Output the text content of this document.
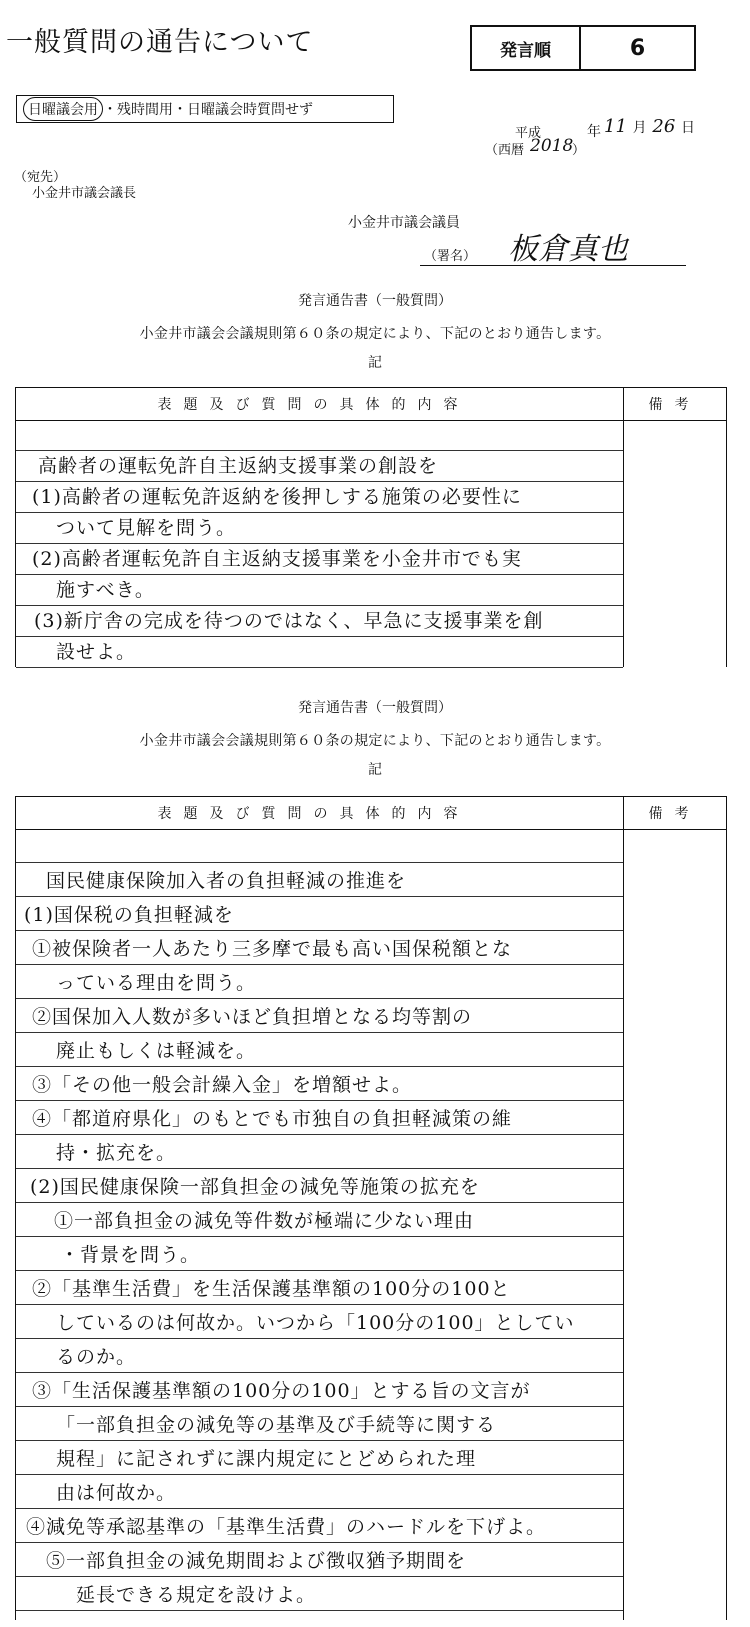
一般質問の通告について	発言順	6
日曜議会用 ・残時間用・日曜議会時質問せず
平成	年 11 月 26 日
（西暦 2018
）
（宛先）
小金井市議会議長
小金井市議会議員
（署名） 板倉真也
発言通告書（一般質問）
小金井市議会会議規則第６０条の規定により、下記のとおり通告します。
記
表題及び質問の具体的内容	備考
高齢者の運転免許自主返納支援事業の創設を
(1)高齢者の運転免許返納を後押しする施策の必要性に
ついて見解を問う。
(2)高齢者運転免許自主返納支援事業を小金井市でも実
施すべき。
(3)新庁舎の完成を待つのではなく、早急に支援事業を創
設せよ。
発言通告書（一般質問）
小金井市議会会議規則第６０条の規定により、下記のとおり通告します。
記
表題及び質問の具体的内容	備考
国民健康保険加入者の負担軽減の推進を
(1)国保税の負担軽減を
①被保険者一人あたり三多摩で最も高い国保税額とな
っている理由を問う。
②国保加入人数が多いほど負担増となる均等割の
廃止もしくは軽減を。
③「その他一般会計繰入金」を増額せよ。
④「都道府県化」のもとでも市独自の負担軽減策の維
持・拡充を。
(2)国民健康保険一部負担金の減免等施策の拡充を
①一部負担金の減免等件数が極端に少ない理由
・背景を問う。
②「基準生活費」を生活保護基準額の100分の100と
しているのは何故か。いつから「100分の100」としてい
るのか。
③「生活保護基準額の100分の100」とする旨の文言が
「一部負担金の減免等の基準及び手続等に関する
規程」に記されずに課内規定にとどめられた理
由は何故か。
④減免等承認基準の「基準生活費」のハードルを下げよ。
⑤一部負担金の減免期間および徴収猶予期間を
延長できる規定を設けよ。
